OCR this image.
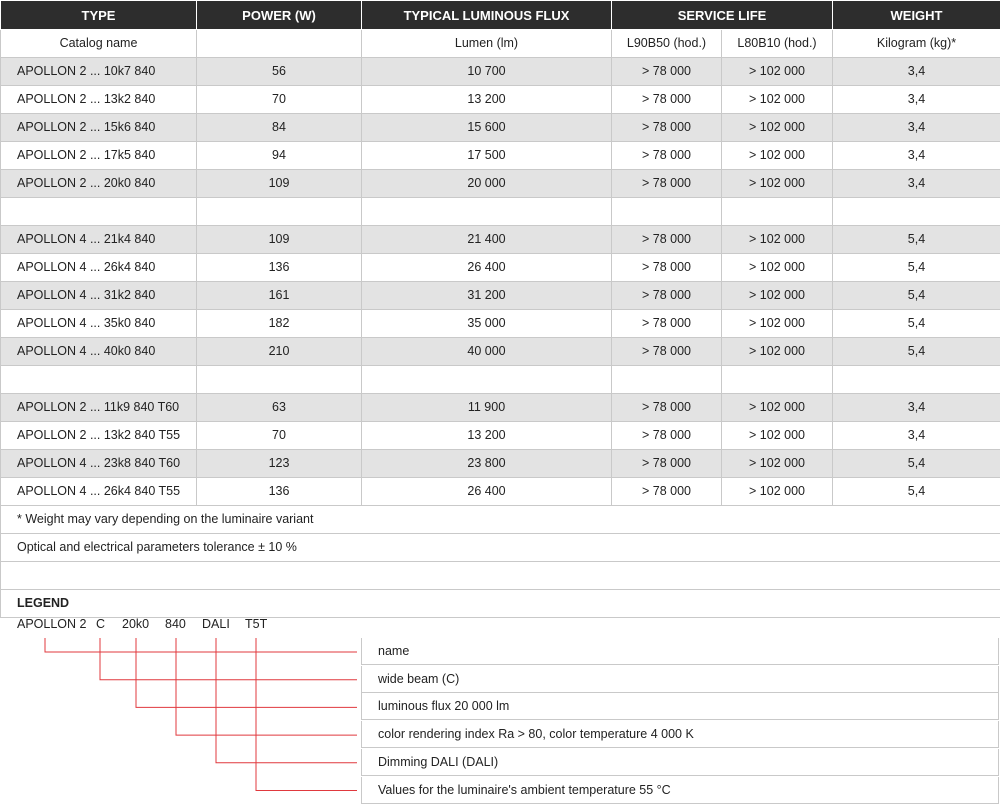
TYPE	POWER (W)	TYPICAL LUMINOUS FLUX	SERVICE LIFE		WEIGHT
Catalog name		Lumen (lm)	L90B50 (hod.)	L80B10 (hod.)	Kilogram (kg)*
APOLLON 2 ... 10k7 840	56	10 700	> 78 000	> 102 000	3,4
APOLLON 2 ... 13k2 840	70	13 200	> 78 000	> 102 000	3,4
APOLLON 2 ... 15k6 840	84	15 600	> 78 000	> 102 000	3,4
APOLLON 2 ... 17k5 840	94	17 500	> 78 000	> 102 000	3,4
APOLLON 2 ... 20k0 840	109	20 000	> 78 000	> 102 000	3,4

APOLLON 4 ... 21k4 840	109	21 400	> 78 000	> 102 000	5,4
APOLLON 4 ... 26k4 840	136	26 400	> 78 000	> 102 000	5,4
APOLLON 4 ... 31k2 840	161	31 200	> 78 000	> 102 000	5,4
APOLLON 4 ... 35k0 840	182	35 000	> 78 000	> 102 000	5,4
APOLLON 4 ... 40k0 840	210	40 000	> 78 000	> 102 000	5,4

APOLLON 2 ... 11k9 840 T60	63	11 900	> 78 000	> 102 000	3,4
APOLLON 2 ... 13k2 840 T55	70	13 200	> 78 000	> 102 000	3,4
APOLLON 4 ... 23k8 840 T60	123	23 800	> 78 000	> 102 000	5,4
APOLLON 4 ... 26k4 840 T55	136	26 400	> 78 000	> 102 000	5,4
* Weight may vary depending on the luminaire variant					
Optical and electrical parameters tolerance ± 10 %					

LEGEND					
APOLLON 2 C 20k0 840 DALI T5T
name
wide beam (C)
luminous flux 20 000 lm
color rendering index Ra > 80, color temperature 4 000 K
Dimming DALI (DALI)
Values for the luminaire's ambient temperature 55 °C
